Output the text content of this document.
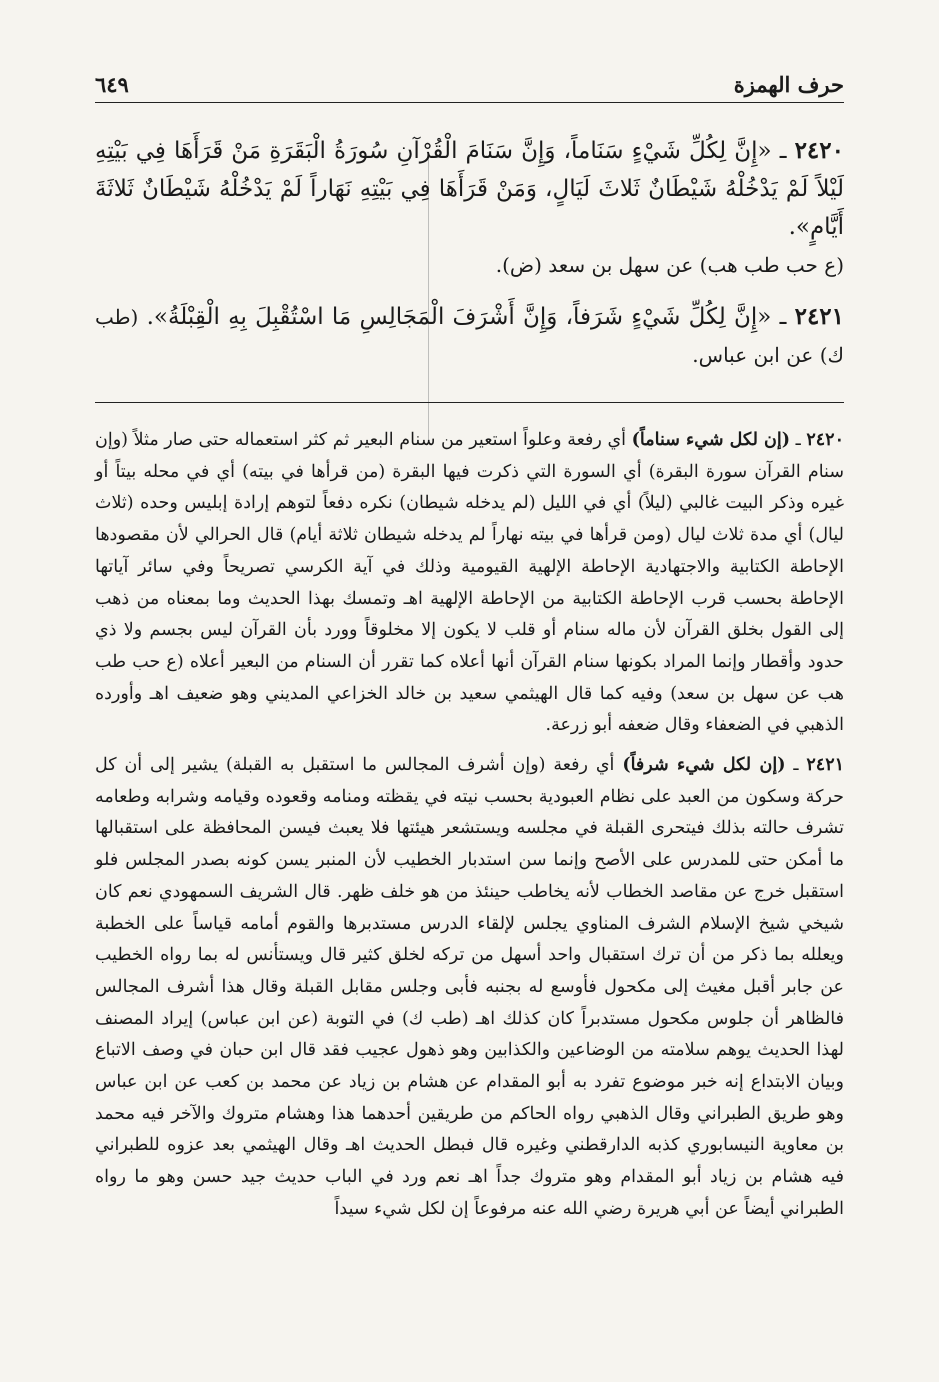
حرف الهمزة
٦٤٩
٢٤٢٠ ـ «إِنَّ لِكُلِّ شَيْءٍ سَنَاماً، وَإِنَّ سَنَامَ الْقُرْآنِ سُورَةُ الْبَقَرَةِ مَنْ قَرَأَهَا فِي بَيْتِهِ لَيْلاً لَمْ يَدْخُلْهُ شَيْطَانٌ ثَلاثَ لَيَالٍ، وَمَنْ قَرَأَهَا فِي بَيْتِهِ نَهَاراً لَمْ يَدْخُلْهُ شَيْطَانٌ ثَلاثَةَ أَيَّامٍ».
(ع حب طب هب) عن سهل بن سعد (ض).
٢٤٢١ ـ «إِنَّ لِكُلِّ شَيْءٍ شَرَفاً، وَإِنَّ أَشْرَفَ الْمَجَالِسِ مَا اسْتُقْبِلَ بِهِ الْقِبْلَةُ». (طب ك) عن ابن عباس.

٢٤٢٠ ـ (إن لكل شيء سناماً) أي رفعة وعلواً استعير من سنام البعير ثم كثر استعماله حتى صار مثلاً (وإن سنام القرآن سورة البقرة) أي السورة التي ذكرت فيها البقرة (من قرأها في بيته) أي في محله بيتاً أو غيره وذكر البيت غالبي (ليلاً) أي في الليل (لم يدخله شيطان) نكره دفعاً لتوهم إرادة إبليس وحده (ثلاث ليال) أي مدة ثلاث ليال (ومن قرأها في بيته نهاراً لم يدخله شيطان ثلاثة أيام) قال الحرالي لأن مقصودها الإحاطة الكتابية والاجتهادية الإحاطة الإلهية القيومية وذلك في آية الكرسي تصريحاً وفي سائر آياتها الإحاطة بحسب قرب الإحاطة الكتابية من الإحاطة الإلهية اهـ وتمسك بهذا الحديث وما بمعناه من ذهب إلى القول بخلق القرآن لأن ماله سنام أو قلب لا يكون إلا مخلوقاً وورد بأن القرآن ليس بجسم ولا ذي حدود وأقطار وإنما المراد بكونها سنام القرآن أنها أعلاه كما تقرر أن السنام من البعير أعلاه (ع حب طب هب عن سهل بن سعد) وفيه كما قال الهيثمي سعيد بن خالد الخزاعي المديني وهو ضعيف اهـ وأورده الذهبي في الضعفاء وقال ضعفه أبو زرعة.

٢٤٢١ ـ (إن لكل شيء شرفاً) أي رفعة (وإن أشرف المجالس ما استقبل به القبلة) يشير إلى أن كل حركة وسكون من العبد على نظام العبودية بحسب نيته في يقظته ومنامه وقعوده وقيامه وشرابه وطعامه تشرف حالته بذلك فيتحرى القبلة في مجلسه ويستشعر هيئتها فلا يعبث فيسن المحافظة على استقبالها ما أمكن حتى للمدرس على الأصح وإنما سن استدبار الخطيب لأن المنبر يسن كونه بصدر المجلس فلو استقبل خرج عن مقاصد الخطاب لأنه يخاطب حينئذ من هو خلف ظهر. قال الشريف السمهودي نعم كان شيخي شيخ الإسلام الشرف المناوي يجلس لإلقاء الدرس مستدبرها والقوم أمامه قياساً على الخطبة ويعلله بما ذكر من أن ترك استقبال واحد أسهل من تركه لخلق كثير قال ويستأنس له بما رواه الخطيب عن جابر أقبل مغيث إلى مكحول فأوسع له بجنبه فأبى وجلس مقابل القبلة وقال هذا أشرف المجالس فالظاهر أن جلوس مكحول مستدبراً كان كذلك اهـ (طب ك) في التوبة (عن ابن عباس) إيراد المصنف لهذا الحديث يوهم سلامته من الوضاعين والكذابين وهو ذهول عجيب فقد قال ابن حبان في وصف الاتباع وبيان الابتداع إنه خبر موضوع تفرد به أبو المقدام عن هشام بن زياد عن محمد بن كعب عن ابن عباس وهو طريق الطبراني وقال الذهبي رواه الحاكم من طريقين أحدهما هذا وهشام متروك والآخر فيه محمد بن معاوية النيسابوري كذبه الدارقطني وغيره قال فبطل الحديث اهـ وقال الهيثمي بعد عزوه للطبراني فيه هشام بن زياد أبو المقدام وهو متروك جداً اهـ نعم ورد في الباب حديث جيد حسن وهو ما رواه الطبراني أيضاً عن أبي هريرة رضي الله عنه مرفوعاً إن لكل شيء سيداً
